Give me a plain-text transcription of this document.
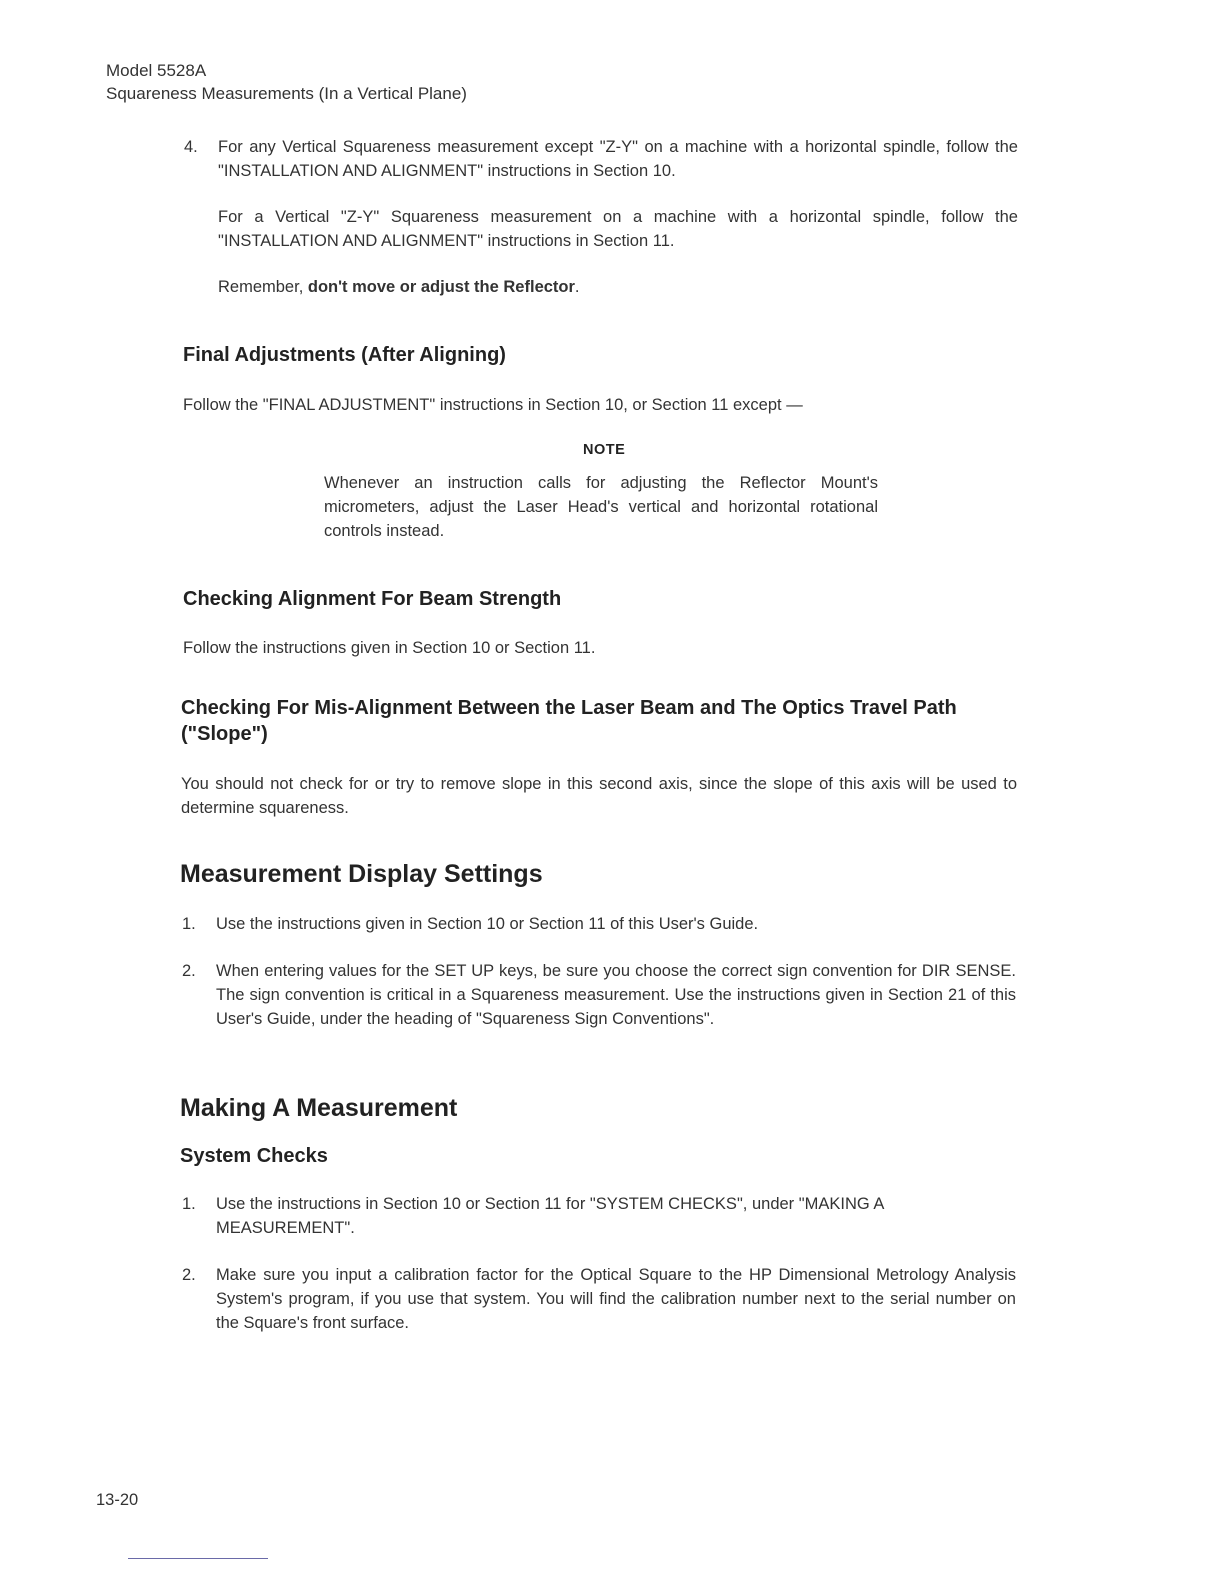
Model 5528A
Squareness Measurements (In a Vertical Plane)
4. For any Vertical Squareness measurement except "Z-Y" on a machine with a horizontal spindle, follow the "INSTALLATION AND ALIGNMENT" instructions in Section 10.

For a Vertical "Z-Y" Squareness measurement on a machine with a horizontal spindle, follow the "INSTALLATION AND ALIGNMENT" instructions in Section 11.

Remember, don't move or adjust the Reflector.

Final Adjustments (After Aligning)

Follow the "FINAL ADJUSTMENT" instructions in Section 10, or Section 11 except —

NOTE

Whenever an instruction calls for adjusting the Reflector Mount's micrometers, adjust the Laser Head's vertical and horizontal rotational controls instead.

Checking Alignment For Beam Strength

Follow the instructions given in Section 10 or Section 11.

Checking For Mis-Alignment Between the Laser Beam and The Optics Travel Path ("Slope")

You should not check for or try to remove slope in this second axis, since the slope of this axis will be used to determine squareness.

Measurement Display Settings
1. Use the instructions given in Section 10 or Section 11 of this User's Guide.

2. When entering values for the SET UP keys, be sure you choose the correct sign convention for DIR SENSE. The sign convention is critical in a Squareness measurement. Use the instructions given in Section 21 of this User's Guide, under the heading of "Squareness Sign Conventions".

Making A Measurement
System Checks
1. Use the instructions in Section 10 or Section 11 for "SYSTEM CHECKS", under "MAKING A MEASUREMENT".

2. Make sure you input a calibration factor for the Optical Square to the HP Dimensional Metrology Analysis System's program, if you use that system. You will find the calibration number next to the serial number on the Square's front surface.

13-20
